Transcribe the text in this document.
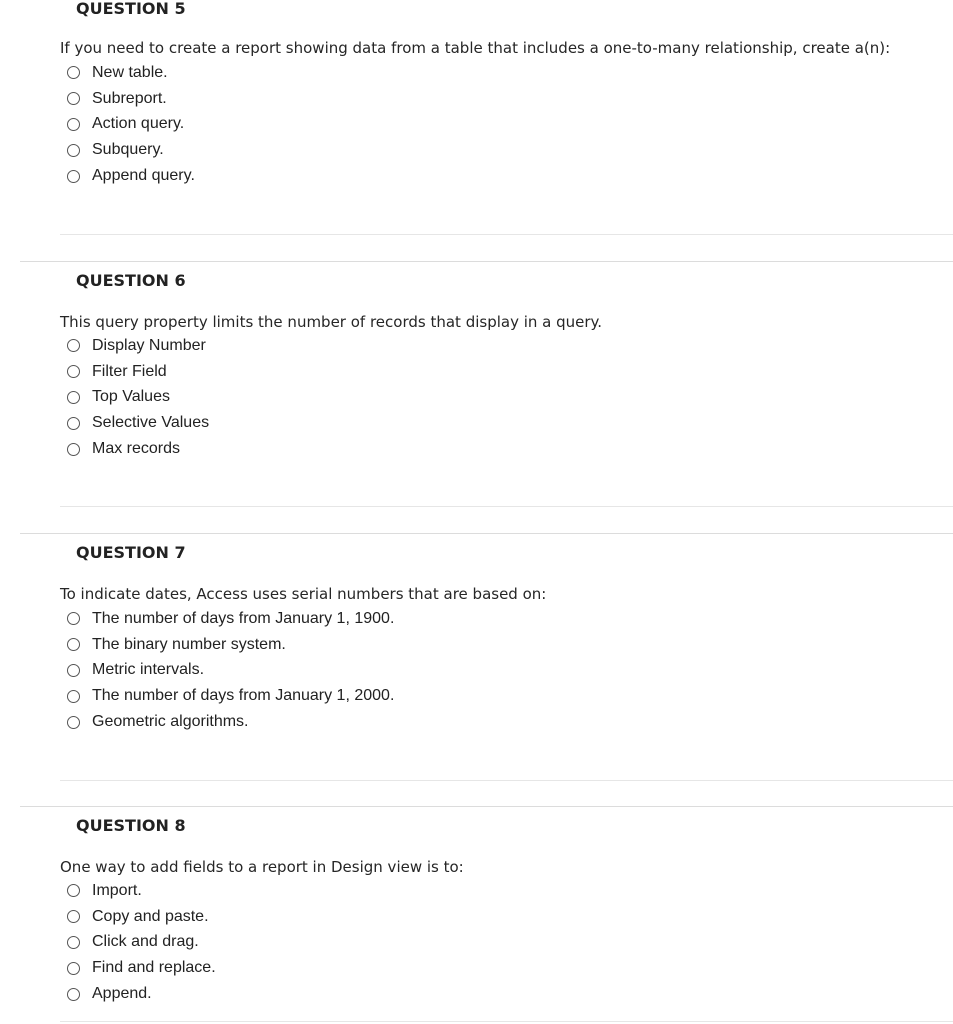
QUESTION 5
If you need to create a report showing data from a table that includes a one-to-many relationship, create a(n):
New table.
Subreport.
Action query.
Subquery.
Append query.
QUESTION 6
This query property limits the number of records that display in a query.
Display Number
Filter Field
Top Values
Selective Values
Max records
QUESTION 7
To indicate dates, Access uses serial numbers that are based on:
The number of days from January 1, 1900.
The binary number system.
Metric intervals.
The number of days from January 1, 2000.
Geometric algorithms.
QUESTION 8
One way to add fields to a report in Design view is to:
Import.
Copy and paste.
Click and drag.
Find and replace.
Append.
